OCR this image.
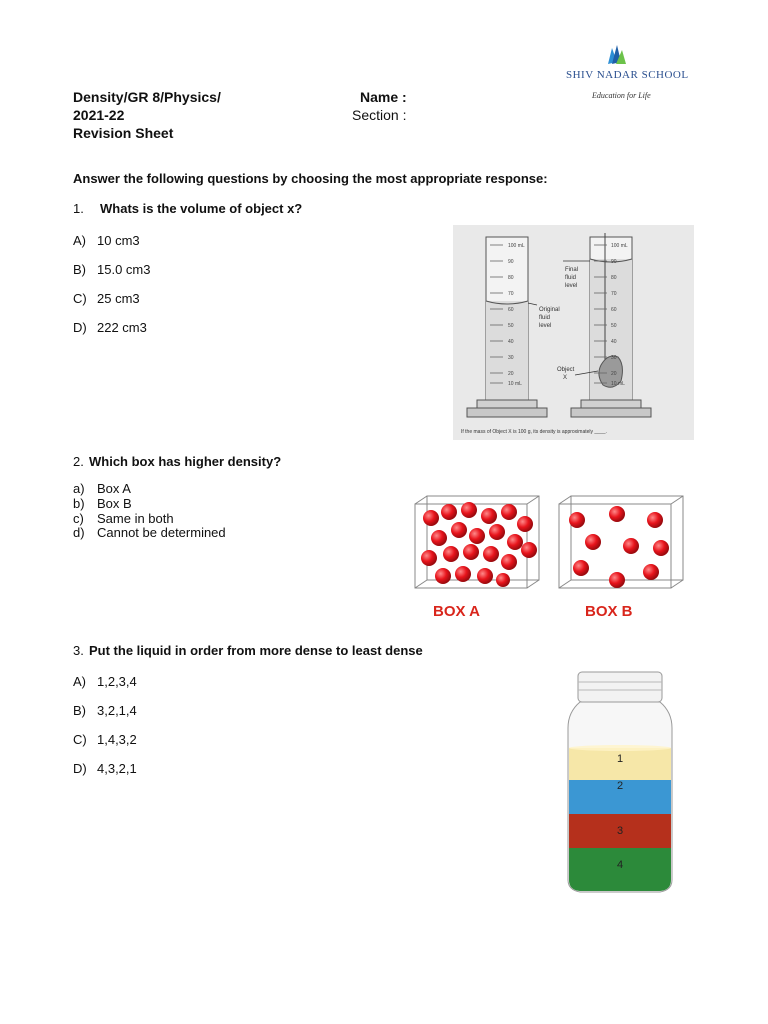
Density/GR 8/Physics/
2021-22
Revision Sheet
Name :
Section :
SHIV NADAR SCHOOL
Education for Life
Answer the following questions by choosing the most appropriate response:
1. Whats is the volume of object x?
A) 10 cm3
B) 15.0 cm3
C) 25 cm3
D) 222 cm3
100 mL
90
80
70
60
50
40
30
20
10 mL
100 mL
90
80
70
60
50
40
30
20
10 mL
Final
fluid
level
Original
fluid
level
Object
X
If the mass of Object X is 100 g, its density is approximately ____.
2. Which box has higher density?
a) Box A
b) Box B
c) Same in both
d) Cannot be determined
BOX A	BOX B
3. Put the liquid in order from more dense to least dense
A) 1,2,3,4
B) 3,2,1,4
C) 1,4,3,2
D) 4,3,2,1
1
2
3
4
